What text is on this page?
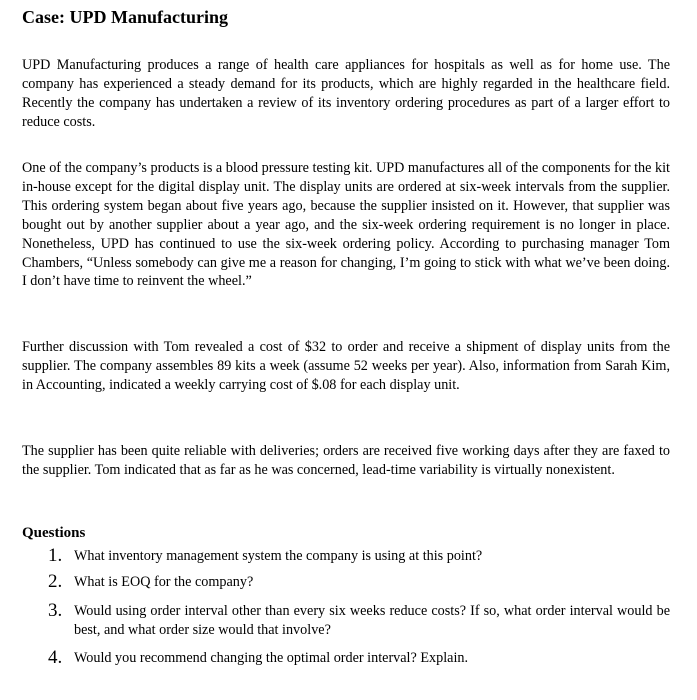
Case: UPD Manufacturing

UPD Manufacturing produces a range of health care appliances for hospitals as well as for home use. The company has experienced a steady demand for its products, which are highly regarded in the healthcare field. Recently the company has undertaken a review of its inventory ordering procedures as part of a larger effort to reduce costs.

One of the company’s products is a blood pressure testing kit. UPD manufactures all of the components for the kit in-house except for the digital display unit. The display units are ordered at six-week intervals from the supplier. This ordering system began about five years ago, because the supplier insisted on it. However, that supplier was bought out by another supplier about a year ago, and the six-week ordering requirement is no longer in place. Nonetheless, UPD has continued to use the six-week ordering policy. According to purchasing manager Tom Chambers, “Unless somebody can give me a reason for changing, I’m going to stick with what we’ve been doing. I don’t have time to reinvent the wheel.”

Further discussion with Tom revealed a cost of $32 to order and receive a shipment of display units from the supplier. The company assembles 89 kits a week (assume 52 weeks per year). Also, information from Sarah Kim, in Accounting, indicated a weekly carrying cost of $.08 for each display unit.

The supplier has been quite reliable with deliveries; orders are received five working days after they are faxed to the supplier. Tom indicated that as far as he was concerned, lead-time variability is virtually nonexistent.

Questions
1. What inventory management system the company is using at this point?
2. What is EOQ for the company?
3. Would using order interval other than every six weeks reduce costs? If so, what order interval would be best, and what order size would that involve?
4. Would you recommend changing the optimal order interval? Explain.
